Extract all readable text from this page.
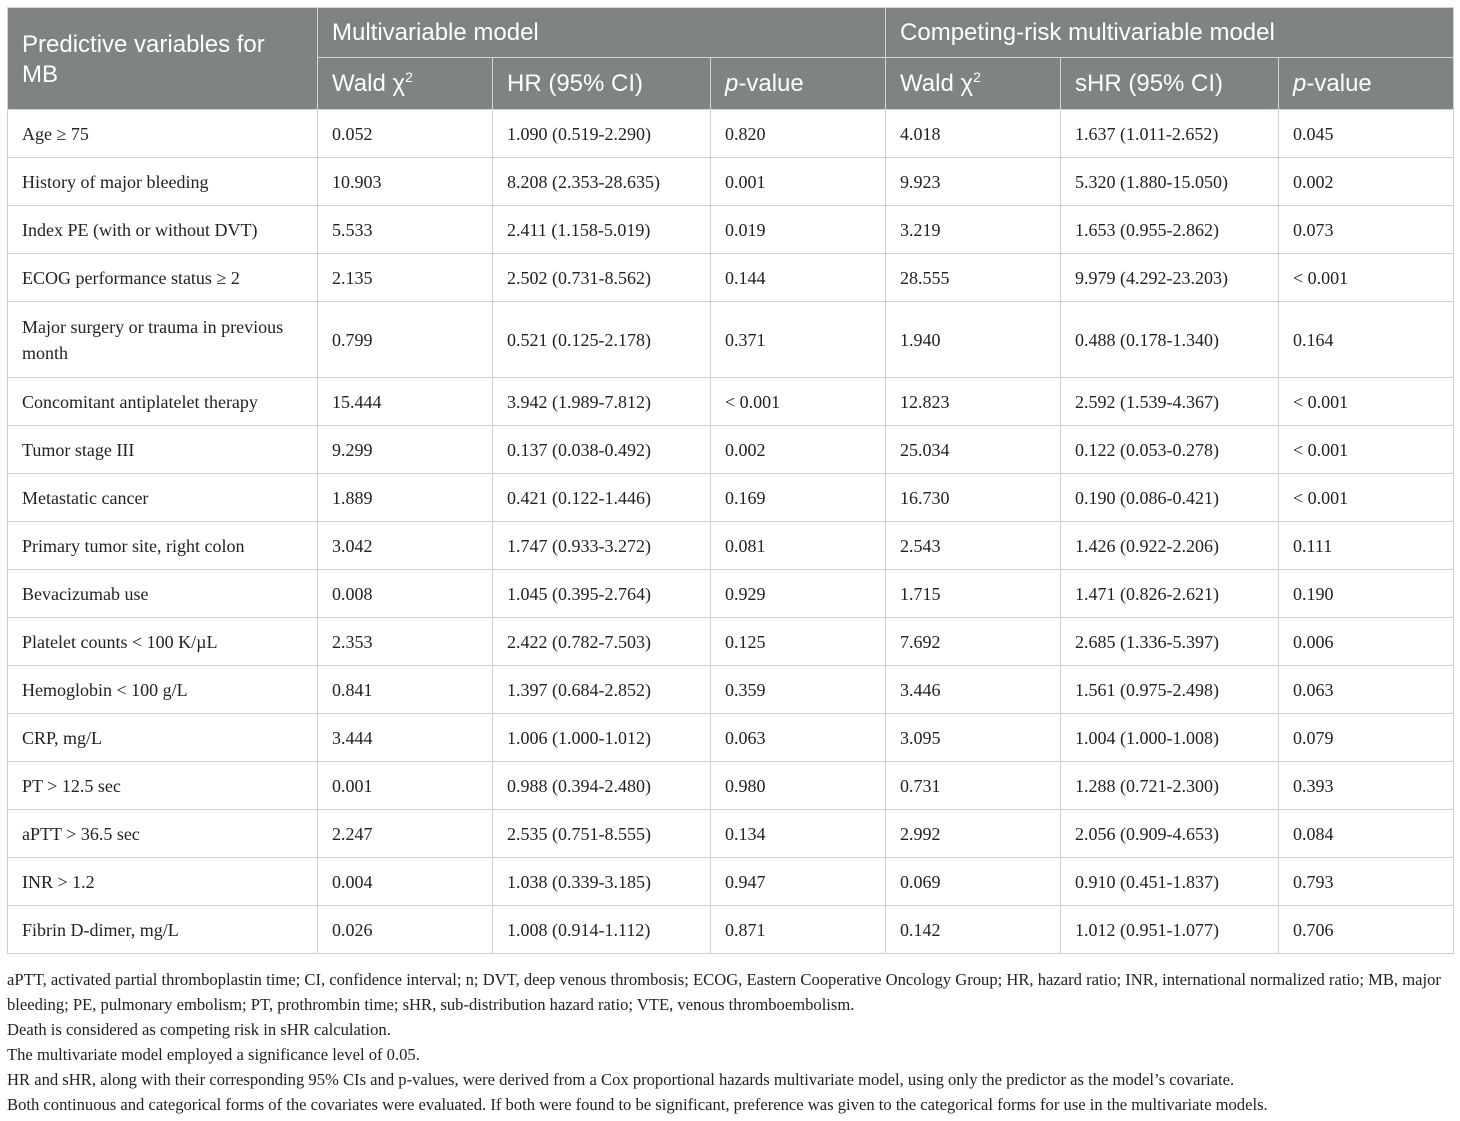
Predictive variables for MB	Multivariable model			Competing-risk multivariable model		
	Wald $\chi^2$	HR (95% CI)	p-value	Wald $\chi^2$	sHR (95% CI)	p-value
Age ≥ 75	0.052	1.090 (0.519-2.290)	0.820	4.018	1.637 (1.011-2.652)	0.045
History of major bleeding	10.903	8.208 (2.353-28.635)	0.001	9.923	5.320 (1.880-15.050)	0.002
Index PE (with or without DVT)	5.533	2.411 (1.158-5.019)	0.019	3.219	1.653 (0.955-2.862)	0.073
ECOG performance status ≥ 2	2.135	2.502 (0.731-8.562)	0.144	28.555	9.979 (4.292-23.203)	< 0.001
Major surgery or trauma in previous month	0.799	0.521 (0.125-2.178)	0.371	1.940	0.488 (0.178-1.340)	0.164
Concomitant antiplatelet therapy	15.444	3.942 (1.989-7.812)	< 0.001	12.823	2.592 (1.539-4.367)	< 0.001
Tumor stage III	9.299	0.137 (0.038-0.492)	0.002	25.034	0.122 (0.053-0.278)	< 0.001
Metastatic cancer	1.889	0.421 (0.122-1.446)	0.169	16.730	0.190 (0.086-0.421)	< 0.001
Primary tumor site, right colon	3.042	1.747 (0.933-3.272)	0.081	2.543	1.426 (0.922-2.206)	0.111
Bevacizumab use	0.008	1.045 (0.395-2.764)	0.929	1.715	1.471 (0.826-2.621)	0.190
Platelet counts < 100 K/µL	2.353	2.422 (0.782-7.503)	0.125	7.692	2.685 (1.336-5.397)	0.006
Hemoglobin < 100 g/L	0.841	1.397 (0.684-2.852)	0.359	3.446	1.561 (0.975-2.498)	0.063
CRP, mg/L	3.444	1.006 (1.000-1.012)	0.063	3.095	1.004 (1.000-1.008)	0.079
PT > 12.5 sec	0.001	0.988 (0.394-2.480)	0.980	0.731	1.288 (0.721-2.300)	0.393
aPTT > 36.5 sec	2.247	2.535 (0.751-8.555)	0.134	2.992	2.056 (0.909-4.653)	0.084
INR > 1.2	0.004	1.038 (0.339-3.185)	0.947	0.069	0.910 (0.451-1.837)	0.793
Fibrin D-dimer, mg/L	0.026	1.008 (0.914-1.112)	0.871	0.142	1.012 (0.951-1.077)	0.706

aPTT, activated partial thromboplastin time; CI, confidence interval; n; DVT, deep venous thrombosis; ECOG, Eastern Cooperative Oncology Group; HR, hazard ratio; INR, international normalized ratio; MB, major bleeding; PE, pulmonary embolism; PT, prothrombin time; sHR, sub-distribution hazard ratio; VTE, venous thromboembolism.

Death is considered as competing risk in sHR calculation.

The multivariate model employed a significance level of 0.05.

HR and sHR, along with their corresponding 95% CIs and p-values, were derived from a Cox proportional hazards multivariate model, using only the predictor as the model’s covariate.

Both continuous and categorical forms of the covariates were evaluated. If both were found to be significant, preference was given to the categorical forms for use in the multivariate models.
